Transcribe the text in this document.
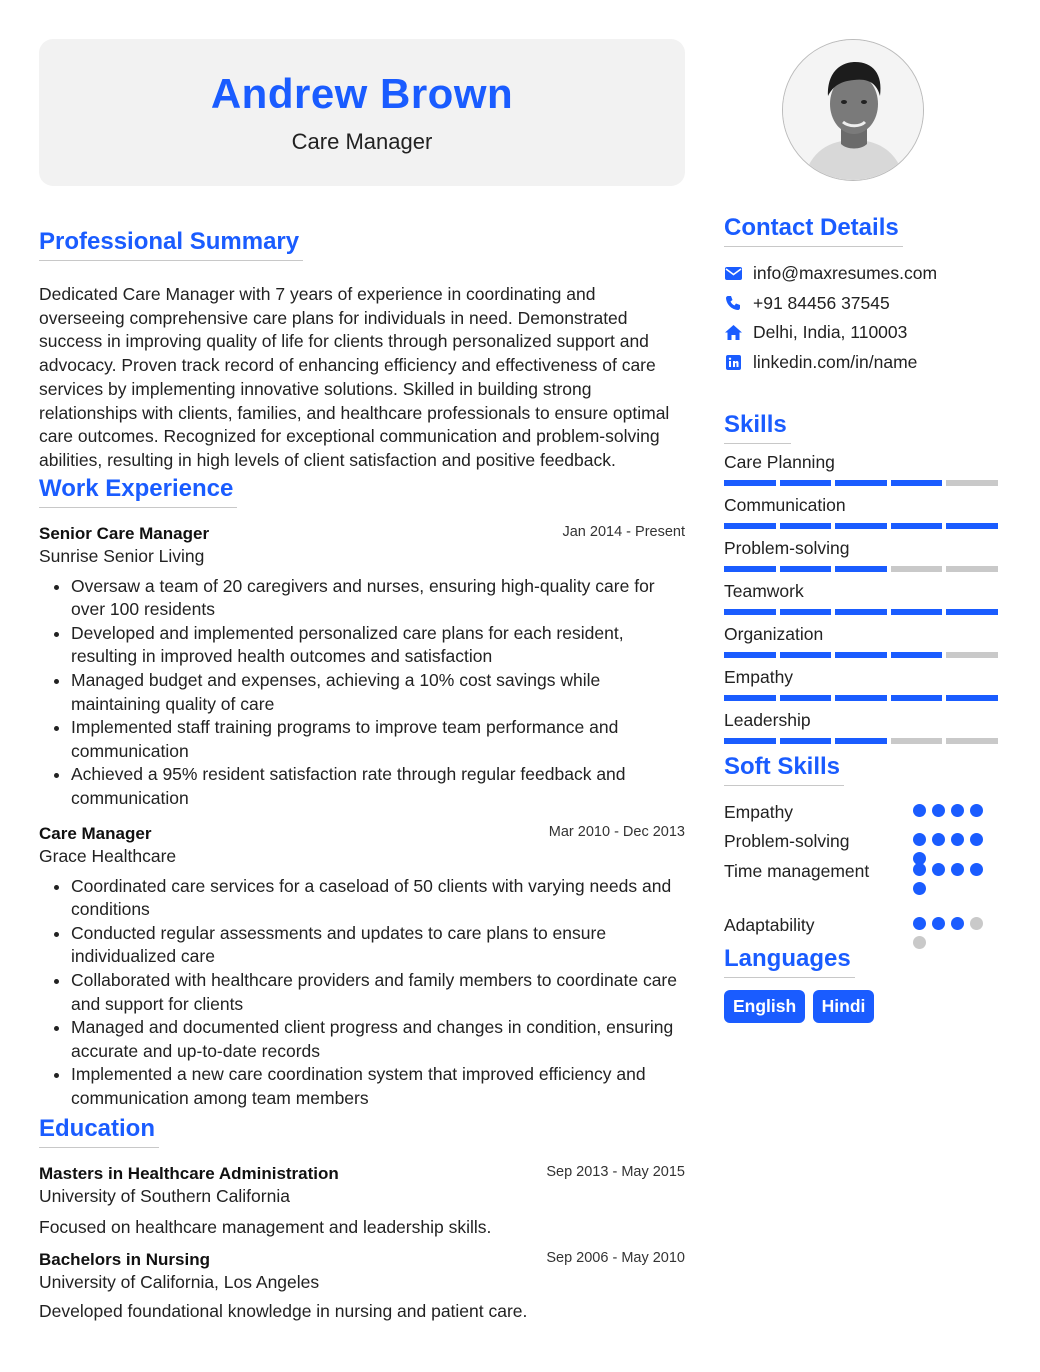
Andrew Brown
Care Manager
Professional Summary

Dedicated Care Manager with 7 years of experience in coordinating and overseeing comprehensive care plans for individuals in need. Demonstrated success in improving quality of life for clients through personalized support and advocacy. Proven track record of enhancing efficiency and effectiveness of care services by implementing innovative solutions. Skilled in building strong relationships with clients, families, and healthcare professionals to ensure optimal care outcomes. Recognized for exceptional communication and problem-solving abilities, resulting in high levels of client satisfaction and positive feedback.

Work Experience
Senior Care Manager	Jan 2014 - Present
Sunrise Senior Living
• Oversaw a team of 20 caregivers and nurses, ensuring high-quality care for over 100 residents
• Developed and implemented personalized care plans for each resident, resulting in improved health outcomes and satisfaction
• Managed budget and expenses, achieving a 10% cost savings while maintaining quality of care
• Implemented staff training programs to improve team performance and communication
• Achieved a 95% resident satisfaction rate through regular feedback and communication
Care Manager	Mar 2010 - Dec 2013
Grace Healthcare
• Coordinated care services for a caseload of 50 clients with varying needs and conditions
• Conducted regular assessments and updates to care plans to ensure individualized care
• Collaborated with healthcare providers and family members to coordinate care and support for clients
• Managed and documented client progress and changes in condition, ensuring accurate and up-to-date records
• Implemented a new care coordination system that improved efficiency and communication among team members
Education
Masters in Healthcare Administration	Sep 2013 - May 2015
University of Southern California
Focused on healthcare management and leadership skills.
Bachelors in Nursing	Sep 2006 - May 2010
University of California, Los Angeles
Developed foundational knowledge in nursing and patient care.
Contact Details
info@maxresumes.com
+91 84456 37545
Delhi, India, 110003
linkedin.com/in/name
Skills
Care Planning
Communication
Problem-solving
Teamwork
Organization
Empathy
Leadership
Soft Skills
Empathy
Problem-solving
Time management
Adaptability
Languages
English Hindi
